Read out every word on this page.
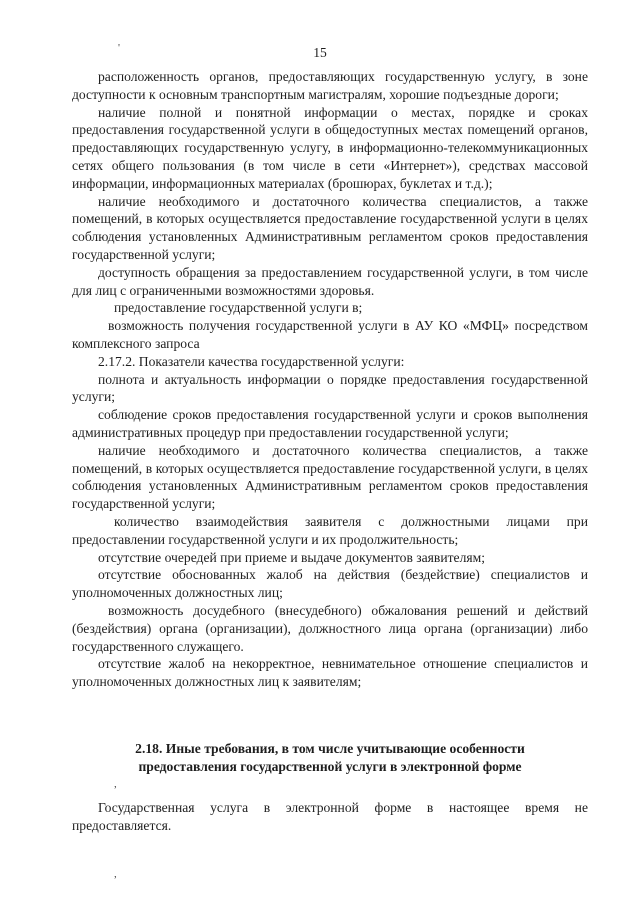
'	15

расположенность органов, предоставляющих государственную услугу, в зоне доступности к основным транспортным магистралям, хорошие подъездные дороги;

наличие полной и понятной информации о местах, порядке и сроках предоставления государственной услуги в общедоступных местах помещений органов, предоставляющих государственную услугу, в информационно-телекоммуникационных сетях общего пользования (в том числе в сети «Интернет»), средствах массовой информации, информационных материалах (брошюрах, буклетах и т.д.);

наличие необходимого и достаточного количества специалистов, а также помещений, в которых осуществляется предоставление государственной услуги в целях соблюдения установленных Административным регламентом сроков предоставления государственной услуги;

доступность обращения за предоставлением государственной услуги, в том числе для лиц с ограниченными возможностями здоровья.

предоставление государственной услуги в;

возможность получения государственной услуги в АУ КО «МФЦ» посредством комплексного запроса

2.17.2. Показатели качества государственной услуги:

полнота и актуальность информации о порядке предоставления государственной услуги;

соблюдение сроков предоставления государственной услуги и сроков выполнения административных процедур при предоставлении государственной услуги;

наличие необходимого и достаточного количества специалистов, а также помещений, в которых осуществляется предоставление государственной услуги, в целях соблюдения установленных Административным регламентом сроков предоставления государственной услуги;

количество взаимодействия заявителя с должностными лицами при предоставлении государственной услуги и их продолжительность;

отсутствие очередей при приеме и выдаче документов заявителям;

отсутствие обоснованных жалоб на действия (бездействие) специалистов и уполномоченных должностных лиц;

возможность досудебного (внесудебного) обжалования решений и действий (бездействия) органа (организации), должностного лица органа (организации) либо государственного служащего.

отсутствие жалоб на некорректное, невнимательное отношение специалистов и уполномоченных должностных лиц к заявителям;

2.18. Иные требования, в том числе учитывающие особенности
предоставления государственной услуги в электронной форме
,

Государственная услуга в электронной форме в настоящее время не предоставляется.

,
